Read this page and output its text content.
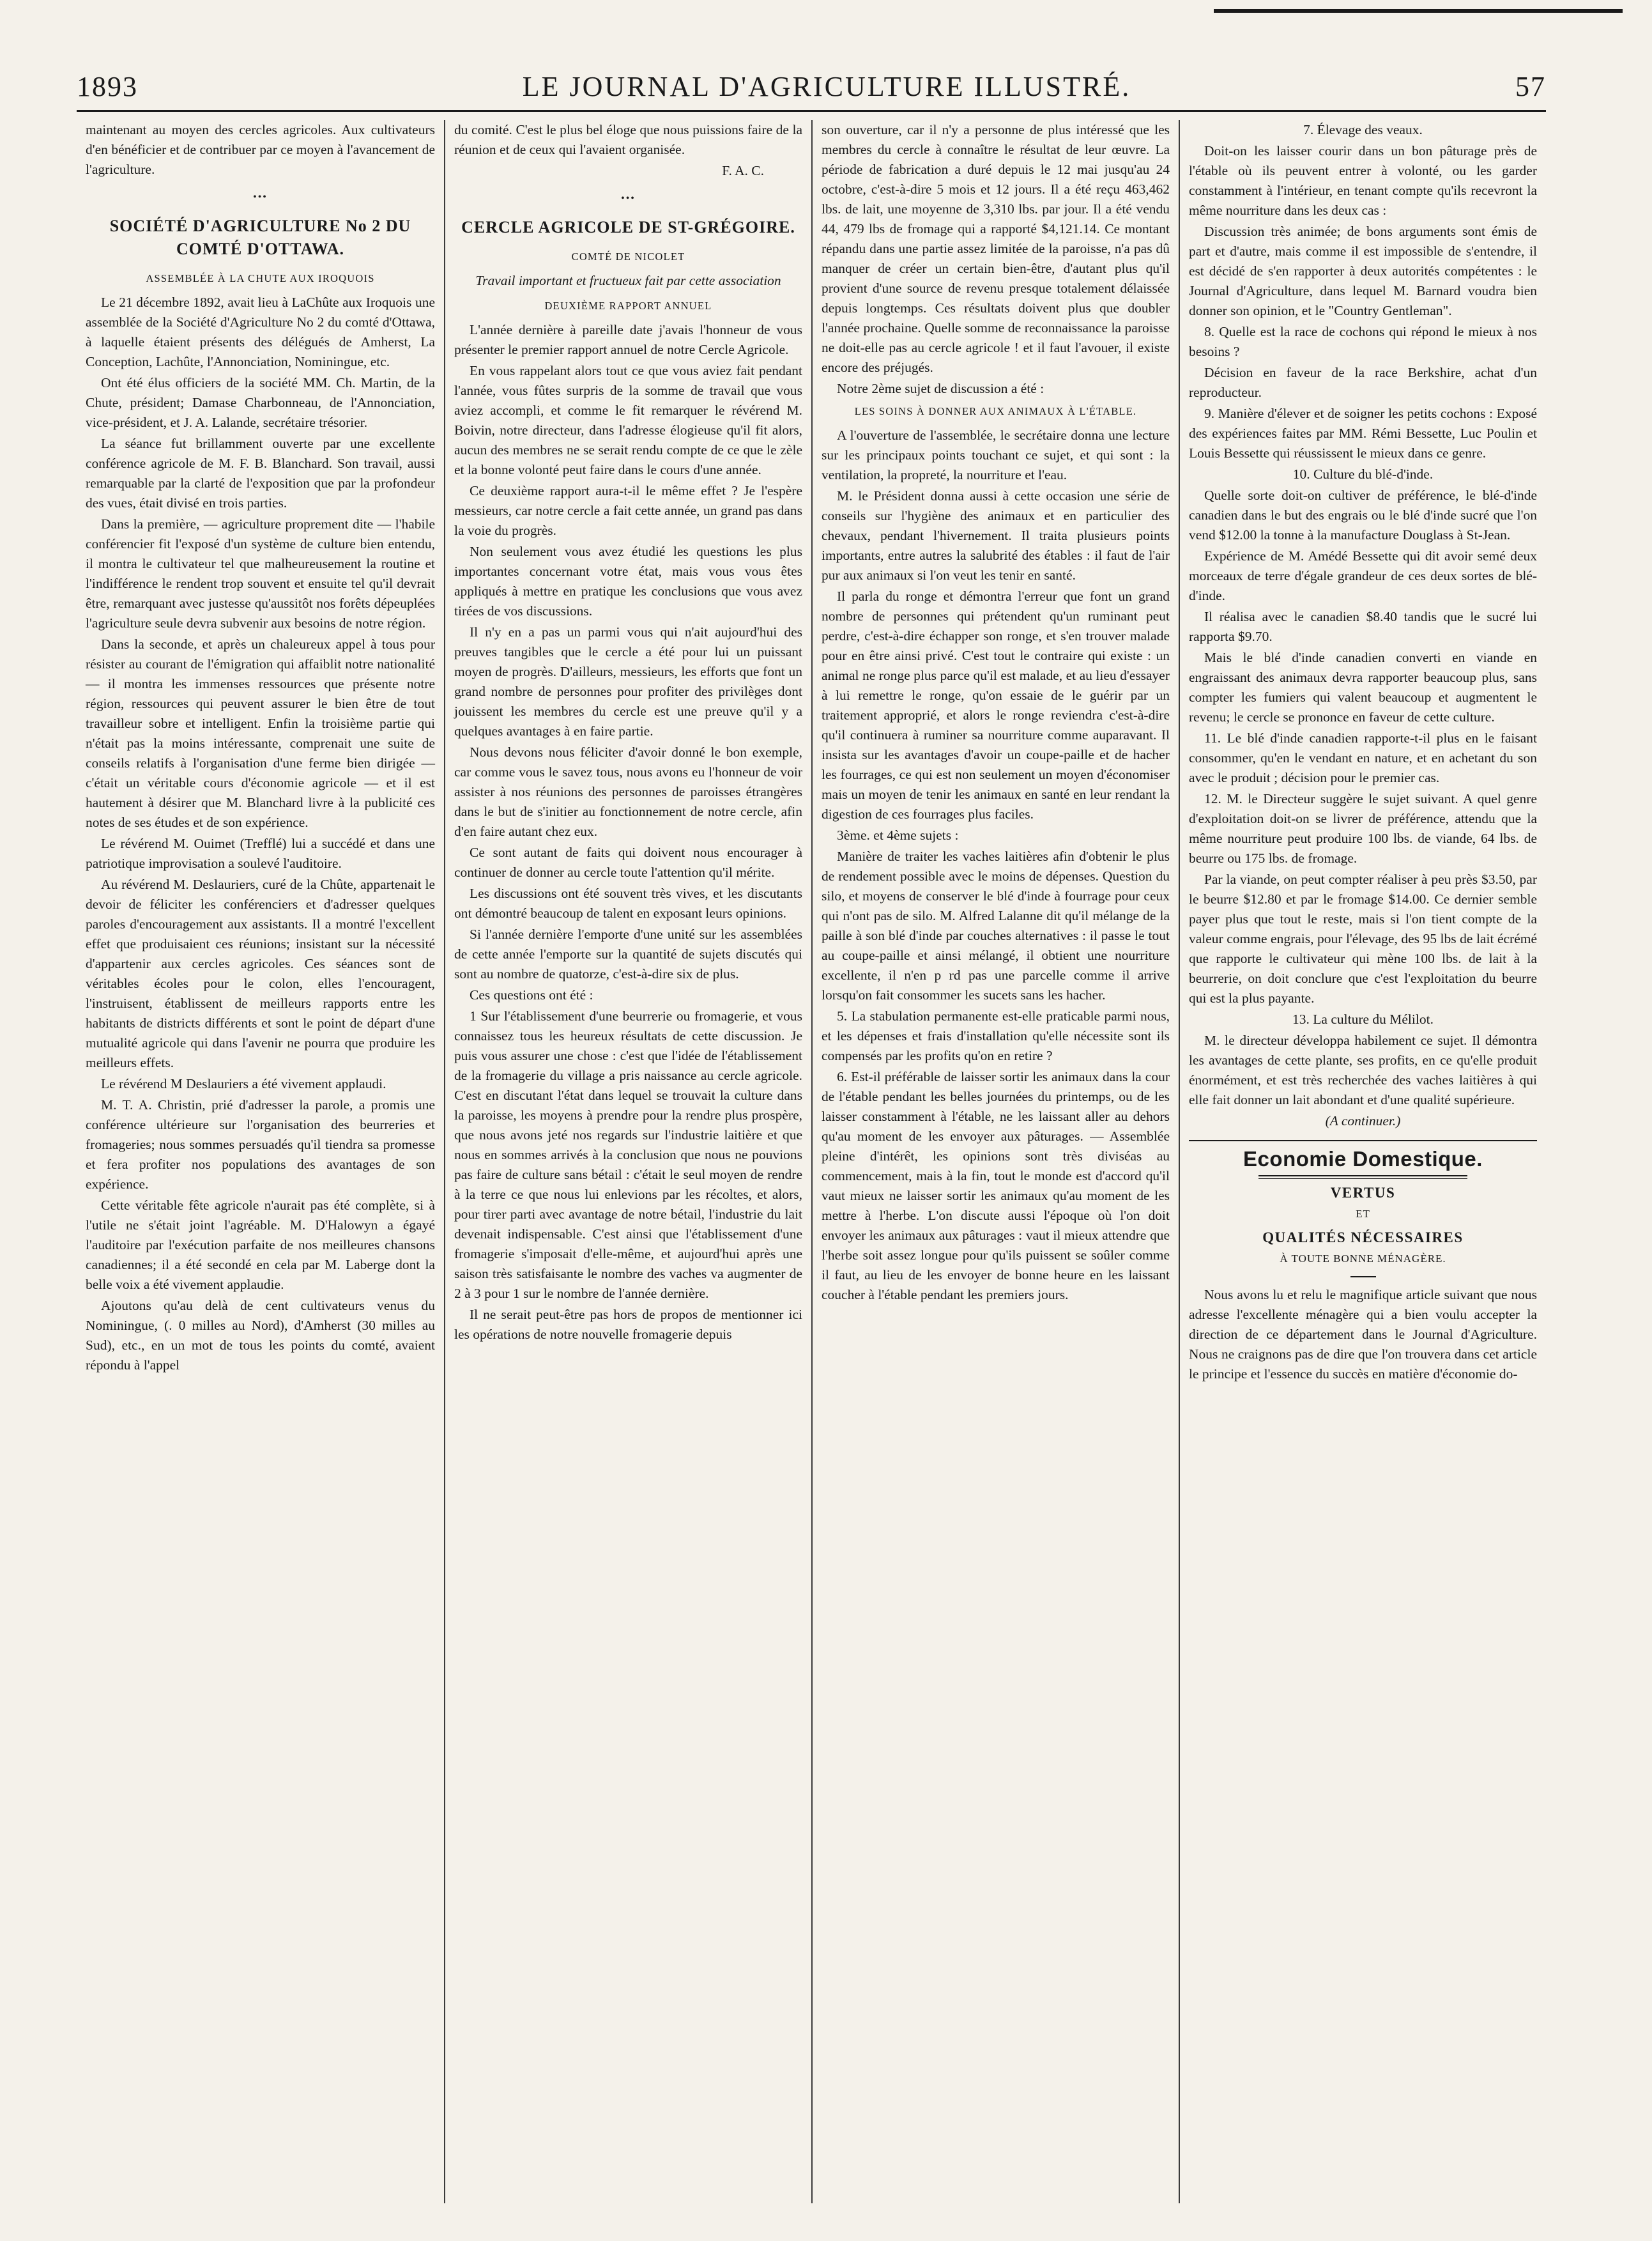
1893	LE JOURNAL D'AGRICULTURE ILLUSTRÉ.	57

maintenant au moyen des cercles agricoles. Aux cultivateurs d'en bénéficier et de contribuer par ce moyen à l'avancement de l'agriculture.

•••
SOCIÉTÉ D'AGRICULTURE No 2 DU COMTÉ D'OTTAWA.
ASSEMBLÉE À LA CHUTE AUX IROQUOIS

Le 21 décembre 1892, avait lieu à LaChûte aux Iroquois une assemblée de la Société d'Agriculture No 2 du comté d'Ottawa, à laquelle étaient présents des délégués de Amherst, La Conception, Lachûte, l'Annonciation, Nominingue, etc.

Ont été élus officiers de la société MM. Ch. Martin, de la Chute, président; Damase Charbonneau, de l'Annonciation, vice-président, et J. A. Lalande, secrétaire trésorier.

La séance fut brillamment ouverte par une excellente conférence agricole de M. F. B. Blanchard. Son travail, aussi remarquable par la clarté de l'exposition que par la profondeur des vues, était divisé en trois parties.

Dans la première, — agriculture proprement dite — l'habile conférencier fit l'exposé d'un système de culture bien entendu, il montra le cultivateur tel que malheureusement la routine et l'indifférence le rendent trop souvent et ensuite tel qu'il devrait être, remarquant avec justesse qu'aussitôt nos forêts dépeuplées l'agriculture seule devra subvenir aux besoins de notre région.

Dans la seconde, et après un chaleureux appel à tous pour résister au courant de l'émigration qui affaiblit notre nationalité — il montra les immenses ressources que présente notre région, ressources qui peuvent assurer le bien être de tout travailleur sobre et intelligent. Enfin la troisième partie qui n'était pas la moins intéressante, comprenait une suite de conseils relatifs à l'organisation d'une ferme bien dirigée — c'était un véritable cours d'économie agricole — et il est hautement à désirer que M. Blanchard livre à la publicité ces notes de ses études et de son expérience.

Le révérend M. Ouimet (Trefflé) lui a succédé et dans une patriotique improvisation a soulevé l'auditoire.

Au révérend M. Deslauriers, curé de la Chûte, appartenait le devoir de féliciter les conférenciers et d'adresser quelques paroles d'encouragement aux assistants. Il a montré l'excellent effet que produisaient ces réunions; insistant sur la nécessité d'appartenir aux cercles agricoles. Ces séances sont de véritables écoles pour le colon, elles l'encouragent, l'instruisent, établissent de meilleurs rapports entre les habitants de districts différents et sont le point de départ d'une mutualité agricole qui dans l'avenir ne pourra que produire les meilleurs effets.

Le révérend M Deslauriers a été vivement applaudi.

M. T. A. Christin, prié d'adresser la parole, a promis une conférence ultérieure sur l'organisation des beurreries et fromageries; nous sommes persuadés qu'il tiendra sa promesse et fera profiter nos populations des avantages de son expérience.

Cette véritable fête agricole n'aurait pas été complète, si à l'utile ne s'était joint l'agréable. M. D'Halowyn a égayé l'auditoire par l'exécution parfaite de nos meilleures chansons canadiennes; il a été secondé en cela par M. Laberge dont la belle voix a été vivement applaudie.

Ajoutons qu'au delà de cent cultivateurs venus du Nominingue, (. 0 milles au Nord), d'Amherst (30 milles au Sud), etc., en un mot de tous les points du comté, avaient répondu à l'appel

du comité. C'est le plus bel éloge que nous puissions faire de la réunion et de ceux qui l'avaient organisée.

F. A. C.

•••
CERCLE AGRICOLE DE ST-GRÉGOIRE.
COMTÉ DE NICOLET
Travail important et fructueux fait par cette association
DEUXIÈME RAPPORT ANNUEL

L'année dernière à pareille date j'avais l'honneur de vous présenter le premier rapport annuel de notre Cercle Agricole.

En vous rappelant alors tout ce que vous aviez fait pendant l'année, vous fûtes surpris de la somme de travail que vous aviez accompli, et comme le fit remarquer le révérend M. Boivin, notre directeur, dans l'adresse élogieuse qu'il fit alors, aucun des membres ne se serait rendu compte de ce que le zèle et la bonne volonté peut faire dans le cours d'une année.

Ce deuxième rapport aura-t-il le même effet ? Je l'espère messieurs, car notre cercle a fait cette année, un grand pas dans la voie du progrès.

Non seulement vous avez étudié les questions les plus importantes concernant votre état, mais vous vous êtes appliqués à mettre en pratique les conclusions que vous avez tirées de vos discussions.

Il n'y en a pas un parmi vous qui n'ait aujourd'hui des preuves tangibles que le cercle a été pour lui un puissant moyen de progrès. D'ailleurs, messieurs, les efforts que font un grand nombre de personnes pour profiter des privilèges dont jouissent les membres du cercle est une preuve qu'il y a quelques avantages à en faire partie.

Nous devons nous féliciter d'avoir donné le bon exemple, car comme vous le savez tous, nous avons eu l'honneur de voir assister à nos réunions des personnes de paroisses étrangères dans le but de s'initier au fonctionnement de notre cercle, afin d'en faire autant chez eux.

Ce sont autant de faits qui doivent nous encourager à continuer de donner au cercle toute l'attention qu'il mérite.

Les discussions ont été souvent très vives, et les discutants ont démontré beaucoup de talent en exposant leurs opinions.

Si l'année dernière l'emporte d'une unité sur les assemblées de cette année l'emporte sur la quantité de sujets discutés qui sont au nombre de quatorze, c'est-à-dire six de plus.

Ces questions ont été :

1 Sur l'établissement d'une beurrerie ou fromagerie, et vous connaissez tous les heureux résultats de cette discussion. Je puis vous assurer une chose : c'est que l'idée de l'établissement de la fromagerie du village a pris naissance au cercle agricole. C'est en discutant l'état dans lequel se trouvait la culture dans la paroisse, les moyens à prendre pour la rendre plus prospère, que nous avons jeté nos regards sur l'industrie laitière et que nous en sommes arrivés à la conclusion que nous ne pouvions pas faire de culture sans bétail : c'était le seul moyen de rendre à la terre ce que nous lui enlevions par les récoltes, et alors, pour tirer parti avec avantage de notre bétail, l'industrie du lait devenait indispensable. C'est ainsi que l'établissement d'une fromagerie s'imposait d'elle-même, et aujourd'hui après une saison très satisfaisante le nombre des vaches va augmenter de 2 à 3 pour 1 sur le nombre de l'année dernière.

Il ne serait peut-être pas hors de propos de mentionner ici les opérations de notre nouvelle fromagerie depuis

son ouverture, car il n'y a personne de plus intéressé que les membres du cercle à connaître le résultat de leur œuvre. La période de fabrication a duré depuis le 12 mai jusqu'au 24 octobre, c'est-à-dire 5 mois et 12 jours. Il a été reçu 463,462 lbs. de lait, une moyenne de 3,310 lbs. par jour. Il a été vendu 44, 479 lbs de fromage qui a rapporté $4,121.14. Ce montant répandu dans une partie assez limitée de la paroisse, n'a pas dû manquer de créer un certain bien-être, d'autant plus qu'il provient d'une source de revenu presque totalement délaissée depuis longtemps. Ces résultats doivent plus que doubler l'année prochaine. Quelle somme de reconnaissance la paroisse ne doit-elle pas au cercle agricole ! et il faut l'avouer, il existe encore des préjugés.

Notre 2ème sujet de discussion a été :

LES SOINS À DONNER AUX ANIMAUX À L'ÉTABLE.

A l'ouverture de l'assemblée, le secrétaire donna une lecture sur les principaux points touchant ce sujet, et qui sont : la ventilation, la propreté, la nourriture et l'eau.

M. le Président donna aussi à cette occasion une série de conseils sur l'hygiène des animaux et en particulier des chevaux, pendant l'hivernement. Il traita plusieurs points importants, entre autres la salubrité des étables : il faut de l'air pur aux animaux si l'on veut les tenir en santé.

Il parla du ronge et démontra l'erreur que font un grand nombre de personnes qui prétendent qu'un ruminant peut perdre, c'est-à-dire échapper son ronge, et s'en trouver malade pour en être ainsi privé. C'est tout le contraire qui existe : un animal ne ronge plus parce qu'il est malade, et au lieu d'essayer à lui remettre le ronge, qu'on essaie de le guérir par un traitement approprié, et alors le ronge reviendra c'est-à-dire qu'il continuera à ruminer sa nourriture comme auparavant. Il insista sur les avantages d'avoir un coupe-paille et de hacher les fourrages, ce qui est non seulement un moyen d'économiser mais un moyen de tenir les animaux en santé en leur rendant la digestion de ces fourrages plus faciles.

3ème. et 4ème sujets :

Manière de traiter les vaches laitières afin d'obtenir le plus de rendement possible avec le moins de dépenses. Question du silo, et moyens de conserver le blé d'inde à fourrage pour ceux qui n'ont pas de silo. M. Alfred Lalanne dit qu'il mélange de la paille à son blé d'inde par couches alternatives : il passe le tout au coupe-paille et ainsi mélangé, il obtient une nourriture excellente, il n'en p rd pas une parcelle comme il arrive lorsqu'on fait consommer les sucets sans les hacher.

5. La stabulation permanente est-elle praticable parmi nous, et les dépenses et frais d'installation qu'elle nécessite sont ils compensés par les profits qu'on en retire ?

6. Est-il préférable de laisser sortir les animaux dans la cour de l'étable pendant les belles journées du printemps, ou de les laisser constamment à l'étable, ne les laissant aller au dehors qu'au moment de les envoyer aux pâturages. — Assemblée pleine d'intérêt, les opinions sont très diviséas au commencement, mais à la fin, tout le monde est d'accord qu'il vaut mieux ne laisser sortir les animaux qu'au moment de les mettre à l'herbe. L'on discute aussi l'époque où l'on doit envoyer les animaux aux pâturages : vaut il mieux attendre que l'herbe soit assez longue pour qu'ils puissent se soûler comme il faut, au lieu de les envoyer de bonne heure en les laissant coucher à l'étable pendant les premiers jours.

7. Élevage des veaux.

Doit-on les laisser courir dans un bon pâturage près de l'étable où ils peuvent entrer à volonté, ou les garder constamment à l'intérieur, en tenant compte qu'ils recevront la même nourriture dans les deux cas :

Discussion très animée; de bons arguments sont émis de part et d'autre, mais comme il est impossible de s'entendre, il est décidé de s'en rapporter à deux autorités compétentes : le Journal d'Agriculture, dans lequel M. Barnard voudra bien donner son opinion, et le "Country Gentleman".

8. Quelle est la race de cochons qui répond le mieux à nos besoins ?

Décision en faveur de la race Berkshire, achat d'un reproducteur.

9. Manière d'élever et de soigner les petits cochons : Exposé des expériences faites par MM. Rémi Bessette, Luc Poulin et Louis Bessette qui réussissent le mieux dans ce genre.

10. Culture du blé-d'inde.

Quelle sorte doit-on cultiver de préférence, le blé-d'inde canadien dans le but des engrais ou le blé d'inde sucré que l'on vend $12.00 la tonne à la manufacture Douglass à St-Jean.

Expérience de M. Amédé Bessette qui dit avoir semé deux morceaux de terre d'égale grandeur de ces deux sortes de blé-d'inde.

Il réalisa avec le canadien $8.40 tandis que le sucré lui rapporta $9.70.

Mais le blé d'inde canadien converti en viande en engraissant des animaux devra rapporter beaucoup plus, sans compter les fumiers qui valent beaucoup et augmentent le revenu; le cercle se prononce en faveur de cette culture.

11. Le blé d'inde canadien rapporte-t-il plus en le faisant consommer, qu'en le vendant en nature, et en achetant du son avec le produit ; décision pour le premier cas.

12. M. le Directeur suggère le sujet suivant. A quel genre d'exploitation doit-on se livrer de préférence, attendu que la même nourriture peut produire 100 lbs. de viande, 64 lbs. de beurre ou 175 lbs. de fromage.

Par la viande, on peut compter réaliser à peu près $3.50, par le beurre $12.80 et par le fromage $14.00. Ce dernier semble payer plus que tout le reste, mais si l'on tient compte de la valeur comme engrais, pour l'élevage, des 95 lbs de lait écrémé que rapporte le cultivateur qui mène 100 lbs. de lait à la beurrerie, on doit conclure que c'est l'exploitation du beurre qui est la plus payante.

13. La culture du Mélilot.

M. le directeur développa habilement ce sujet. Il démontra les avantages de cette plante, ses profits, en ce qu'elle produit énormément, et est très recherchée des vaches laitières à qui elle fait donner un lait abondant et d'une qualité supérieure.

(A continuer.)

Economie Domestique.
VERTUS
ET
QUALITÉS NÉCESSAIRES
À TOUTE BONNE MÉNAGÈRE.

Nous avons lu et relu le magnifique article suivant que nous adresse l'excellente ménagère qui a bien voulu accepter la direction de ce département dans le Journal d'Agriculture. Nous ne craignons pas de dire que l'on trouvera dans cet article le principe et l'essence du succès en matière d'économie do-
